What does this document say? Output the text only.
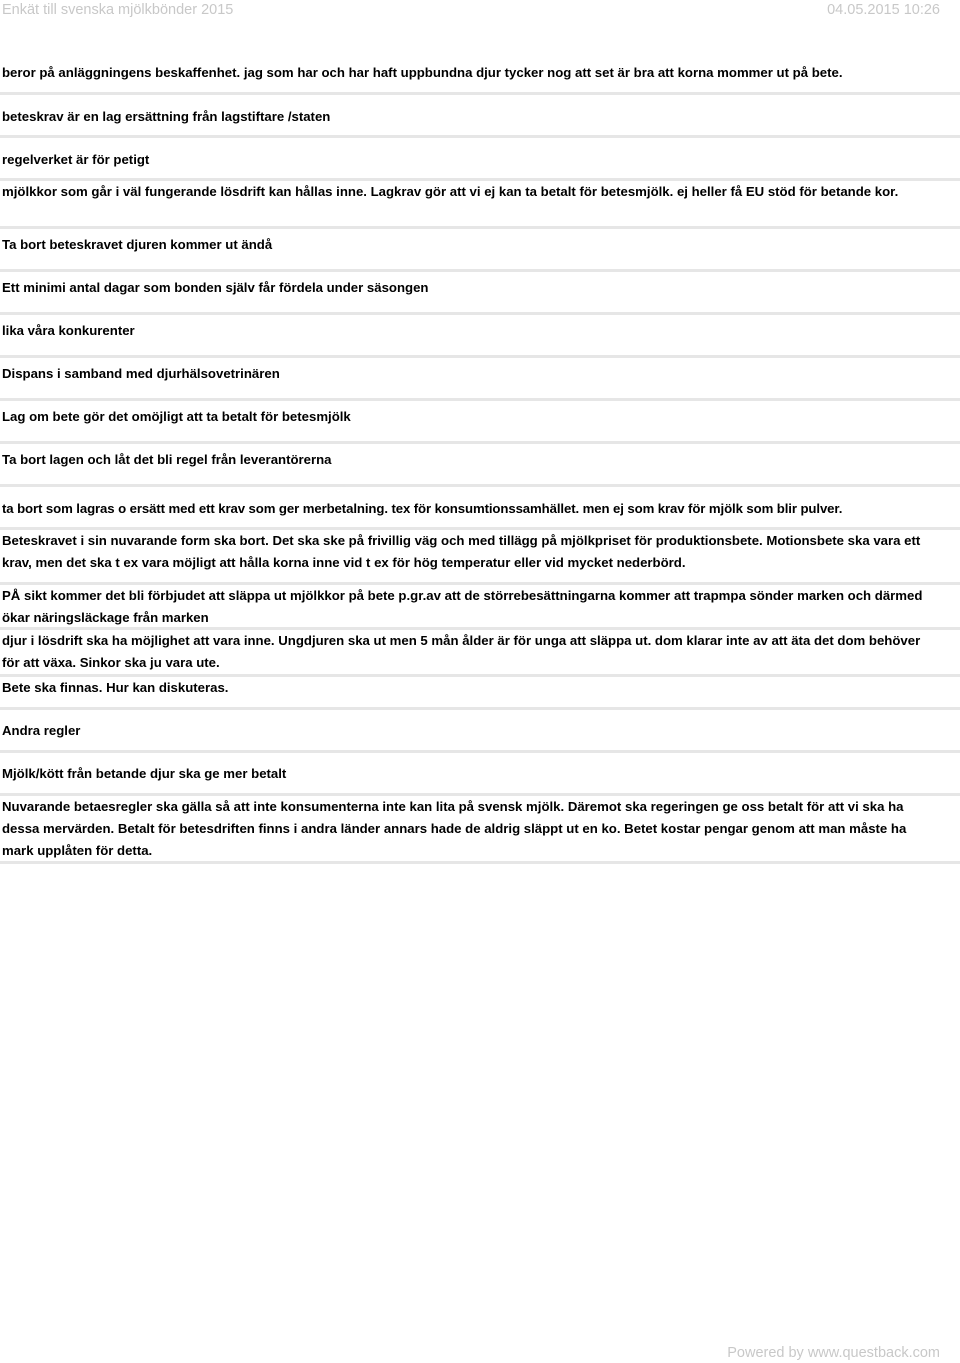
Enkät till svenska mjölkbönder 2015	04.05.2015 10:26
beror på anläggningens beskaffenhet. jag som har och har haft uppbundna djur tycker nog att set är bra att korna mommer ut på bete.
beteskrav är en lag ersättning från lagstiftare /staten
regelverket är för petigt
mjölkkor som går i väl fungerande lösdrift kan hållas inne. Lagkrav gör att vi ej kan ta betalt för betesmjölk. ej heller få EU stöd för betande kor.
Ta bort beteskravet djuren kommer ut ändå
Ett minimi antal dagar som bonden själv får fördela under säsongen
lika våra konkurenter
Dispans i samband med djurhälsovetrinären
Lag om bete gör det omöjligt att ta betalt för betesmjölk
Ta bort lagen och låt det bli regel från leverantörerna
ta bort som lagras o ersätt med ett krav som ger merbetalning. tex för konsumtionssamhället. men ej som krav för mjölk som blir pulver.
Beteskravet i sin nuvarande form ska bort. Det ska ske på frivillig väg och med tillägg på mjölkpriset för produktionsbete. Motionsbete ska vara ett krav, men det ska t ex vara möjligt att hålla korna inne vid t ex för hög temperatur eller vid mycket nederbörd.
PÅ sikt kommer det bli förbjudet att släppa ut mjölkkor på bete p.gr.av att de störrebesättningarna kommer att trapmpa sönder marken och därmed ökar näringsläckage från marken
djur i lösdrift ska ha möjlighet att vara inne. Ungdjuren ska ut men 5 mån ålder är för unga att släppa ut. dom klarar inte av att äta det dom behöver för att växa. Sinkor ska ju vara ute.
Bete ska finnas. Hur kan diskuteras.
Andra regler
Mjölk/kött från betande djur ska ge mer betalt
Nuvarande betaesregler ska gälla så att inte konsumenterna inte kan lita på svensk mjölk. Däremot ska regeringen ge oss betalt för att vi ska ha dessa mervärden. Betalt för betesdriften finns i andra länder annars hade de aldrig släppt ut en ko. Betet kostar pengar genom att man måste ha mark upplåten för detta.
Powered by www.questback.com
